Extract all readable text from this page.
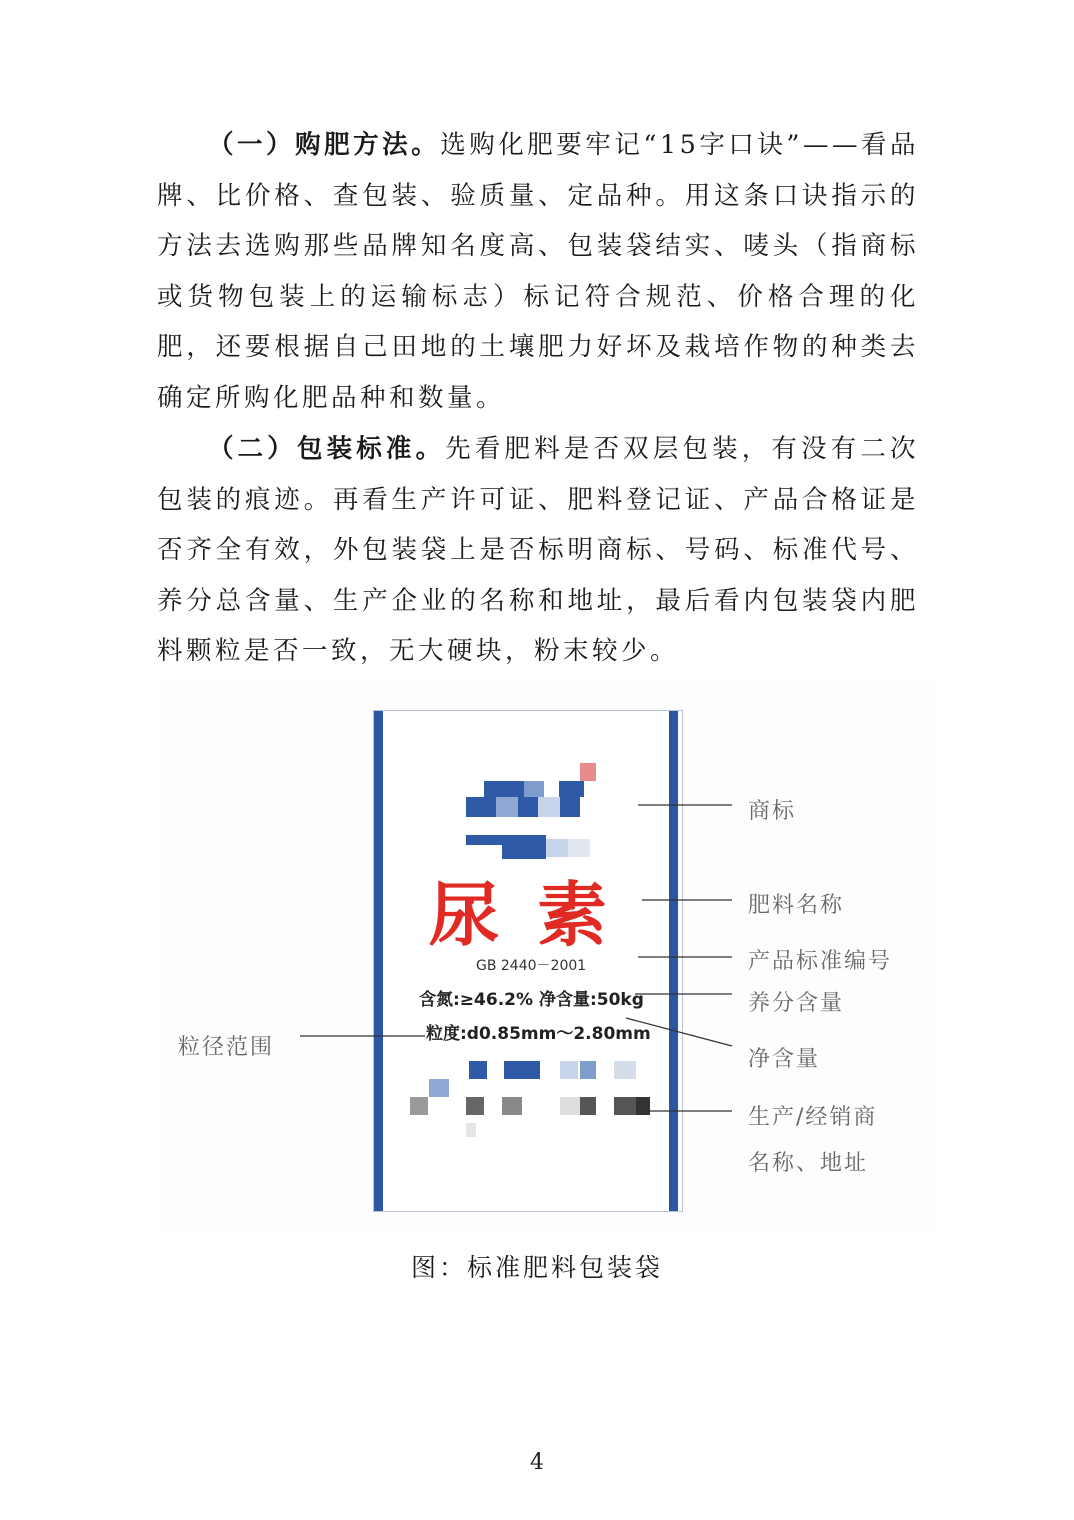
（一）购肥方法。选购化肥要牢记“15字口诀”——看品牌、比价格、查包装、验质量、定品种。用这条口诀指示的方法去选购那些品牌知名度高、包装袋结实、唛头（指商标或货物包装上的运输标志）标记符合规范、价格合理的化肥，还要根据自己田地的土壤肥力好坏及栽培作物的种类去确定所购化肥品种和数量。

（二）包装标准。先看肥料是否双层包装，有没有二次包装的痕迹。再看生产许可证、肥料登记证、产品合格证是否齐全有效，外包装袋上是否标明商标、号码、标准代号、养分总含量、生产企业的名称和地址，最后看内包装袋内肥料颗粒是否一致，无大硬块，粉末较少。

尿素
GB 2440－2001
含氮:≥46.2% 净含量:50kg
粒度:d0.85mm～2.80mm
商标
肥料名称
产品标准编号
养分含量
净含量
生产/经销商
名称、地址
粒径范围
图：标准肥料包装袋
4
